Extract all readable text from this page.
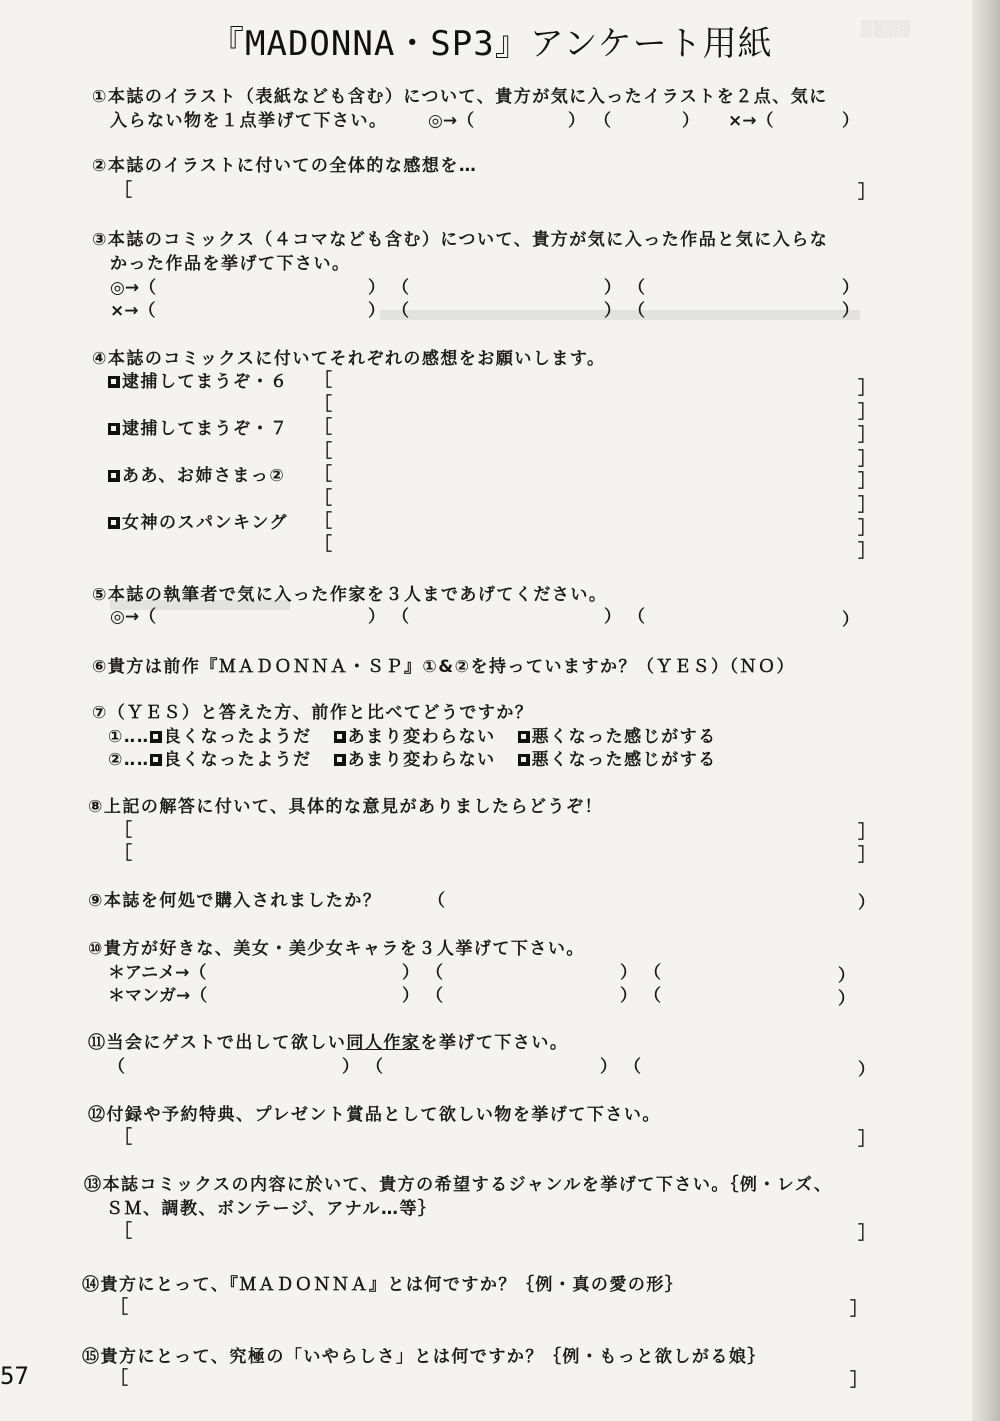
▒▒▒▒
『MADONNA・SP3』アンケート用紙
①本誌のイラスト（表紙なども含む）について、貴方が気に入ったイラストを２点、気に
入らない物を１点挙げて下さい。 ◎→（	） （	） ×→（	）
②本誌のイラストに付いての全体的な感想を…
［	］
③本誌のコミックス（４コマなども含む）について、貴方が気に入った作品と気に入らな
かった作品を挙げて下さい。
◎→（	） （	） （	）
×→（	） （	） （	）
④本誌のコミックスに付いてそれぞれの感想をお願いします。
逮捕してまうぞ・６ ［	］
［	］
逮捕してまうぞ・７ ［	］
［	］
ああ、お姉さまっ② ［	］
［	］
女神のスパンキング ［	］
［	］
⑤本誌の執筆者で気に入った作家を３人まであげてください。
◎→（	） （	） （	）
⑥貴方は前作『ＭＡＤＯＮＮＡ・ＳＰ』①&②を持っていますか？（ＹＥＳ）（ＮＯ）
⑦（ＹＥＳ）と答えた方、前作と比べてどうですか？
①‥‥ 良くなったようだ あまり変わらない 悪くなった感じがする
②‥‥ 良くなったようだ あまり変わらない 悪くなった感じがする
⑧上記の解答に付いて、具体的な意見がありましたらどうぞ！
［	］
［	］
⑨本誌を何処で購入されましたか？	（	）
⑩貴方が好きな、美女・美少女キャラを３人挙げて下さい。
＊アニメ→（	） （	） （	）
＊マンガ→（	） （	） （	）
⑪当会にゲストで出して欲しい同人作家を挙げて下さい。
（	） （	） （	）
⑫付録や予約特典、プレゼント賞品として欲しい物を挙げて下さい。
［	］
⑬本誌コミックスの内容に於いて、貴方の希望するジャンルを挙げて下さい。｛例・レズ、
ＳＭ、調教、ボンテージ、アナル…等｝
［	］
⑭貴方にとって、『ＭＡＤＯＮＮＡ』とは何ですか？｛例・真の愛の形｝
［	］
⑮貴方にとって、究極の「いやらしさ」とは何ですか？｛例・もっと欲しがる娘｝
［	］
57
